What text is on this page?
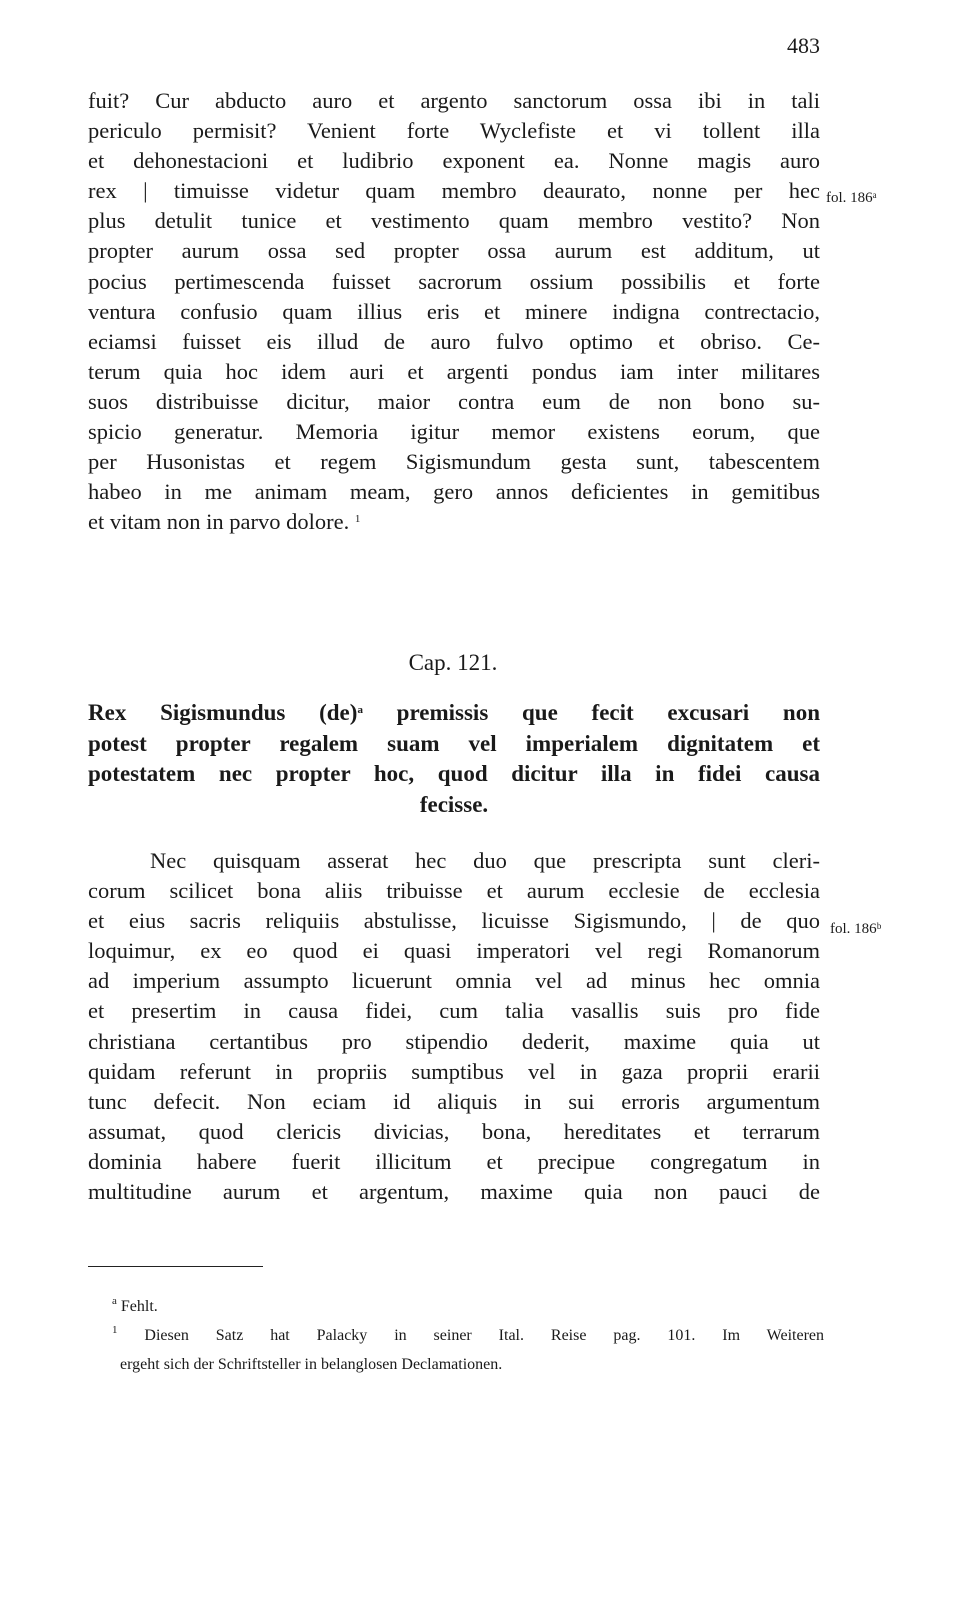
483
fuit? Cur abducto auro et argento sanctorum ossa ibi in tali
periculo permisit? Venient forte Wyclefiste et vi tollent illa
et dehonestacioni et ludibrio exponent ea. Nonne magis auro
rex | timuisse videtur quam membro deaurato, nonne per hec
plus detulit tunice et vestimento quam membro vestito? Non
propter aurum ossa sed propter ossa aurum est additum, ut
pocius pertimescenda fuisset sacrorum ossium possibilis et forte
ventura confusio quam illius eris et minere indigna contrectacio,
eciamsi fuisset eis illud de auro fulvo optimo et obriso. Ce-
terum quia hoc idem auri et argenti pondus iam inter militares
suos distribuisse dicitur, maior contra eum de non bono su-
spicio generatur. Memoria igitur memor existens eorum, que
per Husonistas et regem Sigismundum gesta sunt, tabescentem
habeo in me animam meam, gero annos deficientes in gemitibus
et vitam non in parvo dolore. $^1$
fol. 186ᵃ
Cap. 121.
Rex Sigismundus (de)$^a$ premissis que fecit excusari non
potest propter regalem suam vel imperialem dignitatem et
potestatem nec propter hoc, quod dicitur illa in fidei causa
fecisse.
Nec quisquam asserat hec duo que prescripta sunt cleri-
corum scilicet bona aliis tribuisse et aurum ecclesie de ecclesia
et eius sacris reliquiis abstulisse, licuisse Sigismundo, | de quo
loquimur, ex eo quod ei quasi imperatori vel regi Romanorum
ad imperium assumpto licuerunt omnia vel ad minus hec omnia
et presertim in causa fidei, cum talia vasallis suis pro fide
christiana certantibus pro stipendio dederit, maxime quia ut
quidam referunt in propriis sumptibus vel in gaza proprii erarii
tunc defecit. Non eciam id aliquis in sui erroris argumentum
assumat, quod clericis divicias, bona, hereditates et terrarum
dominia habere fuerit illicitum et precipue congregatum in
multitudine aurum et argentum, maxime quia non pauci de
fol. 186ᵇ
$^a$ Fehlt.
$^1$ Diesen Satz hat Palacky in seiner Ital. Reise pag. 101. Im Weiteren
ergeht sich der Schriftsteller in belanglosen Declamationen.
